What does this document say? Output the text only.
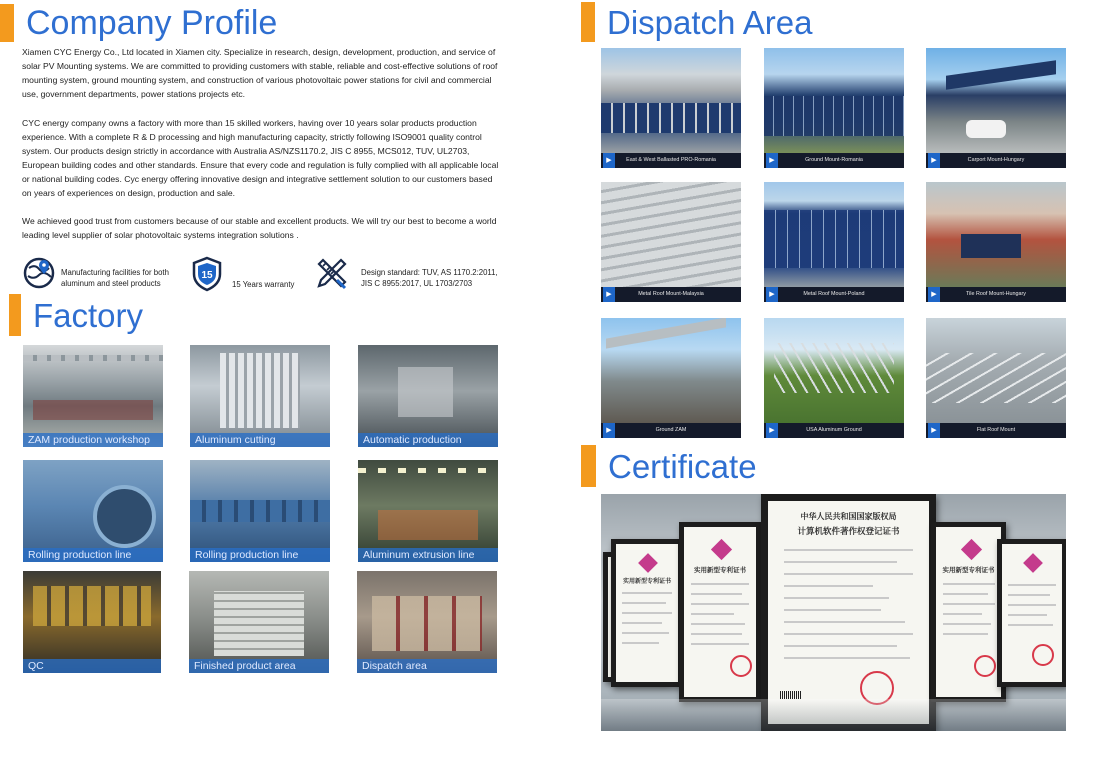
Company Profile
Xiamen CYC Energy Co., Ltd located in Xiamen city. Specialize in research, design, development, production, and service of solar PV Mounting systems. We are committed to providing customers with stable, reliable and cost-effective solutions of roof mounting system, ground mounting system, and construction of various photovoltaic power stations for civil and commercial use, government departments, power stations projects etc.
CYC energy company owns a factory with more than 15 skilled workers, having over 10 years solar products production experience. With a complete R & D processing and high manufacturing capacity, strictly following ISO9001 quality control system. Our products design strictly in accordance with Australia AS/NZS1170.2, JIS C 8955, MCS012, TUV, UL2703, European building codes and other standards. Ensure that every code and regulation is fully complied with all applicable local or national building codes. Cyc energy offering innovative design and integrative settlement solution to our customers based on years of experiences on design, production and sale.
We achieved good trust from customers because of our stable and excellent products. We will try our best to become a world leading level supplier of solar photovoltaic systems integration solutions .
Manufacturing facilities for both aluminum and steel products
15
15 Years warranty
Design standard: TUV, AS 1170.2:2011, JIS C 8955:2017, UL 1703/2703
Factory
ZAM production workshop	Aluminum cutting	Automatic production
Rolling production line	Rolling production line	Aluminum extrusion line
QC	Finished product area	Dispatch area
Dispatch Area
East & West Ballasted PRO-Romania
▶	Ground Mount-Romania
▶	Carport Mount-Hungary
▶
Metal Roof Mount-Malaysia
▶	Metal Roof Mount-Poland
▶	Tile Roof Mount-Hungary
▶
Ground ZAM
▶	USA Aluminum Ground
▶	Flat Roof Mount
▶
Certificate
实用新型专利证书
实用新型专利证书
中华人民共和国国家版权局
计算机软件著作权登记证书
实用新型专利证书
